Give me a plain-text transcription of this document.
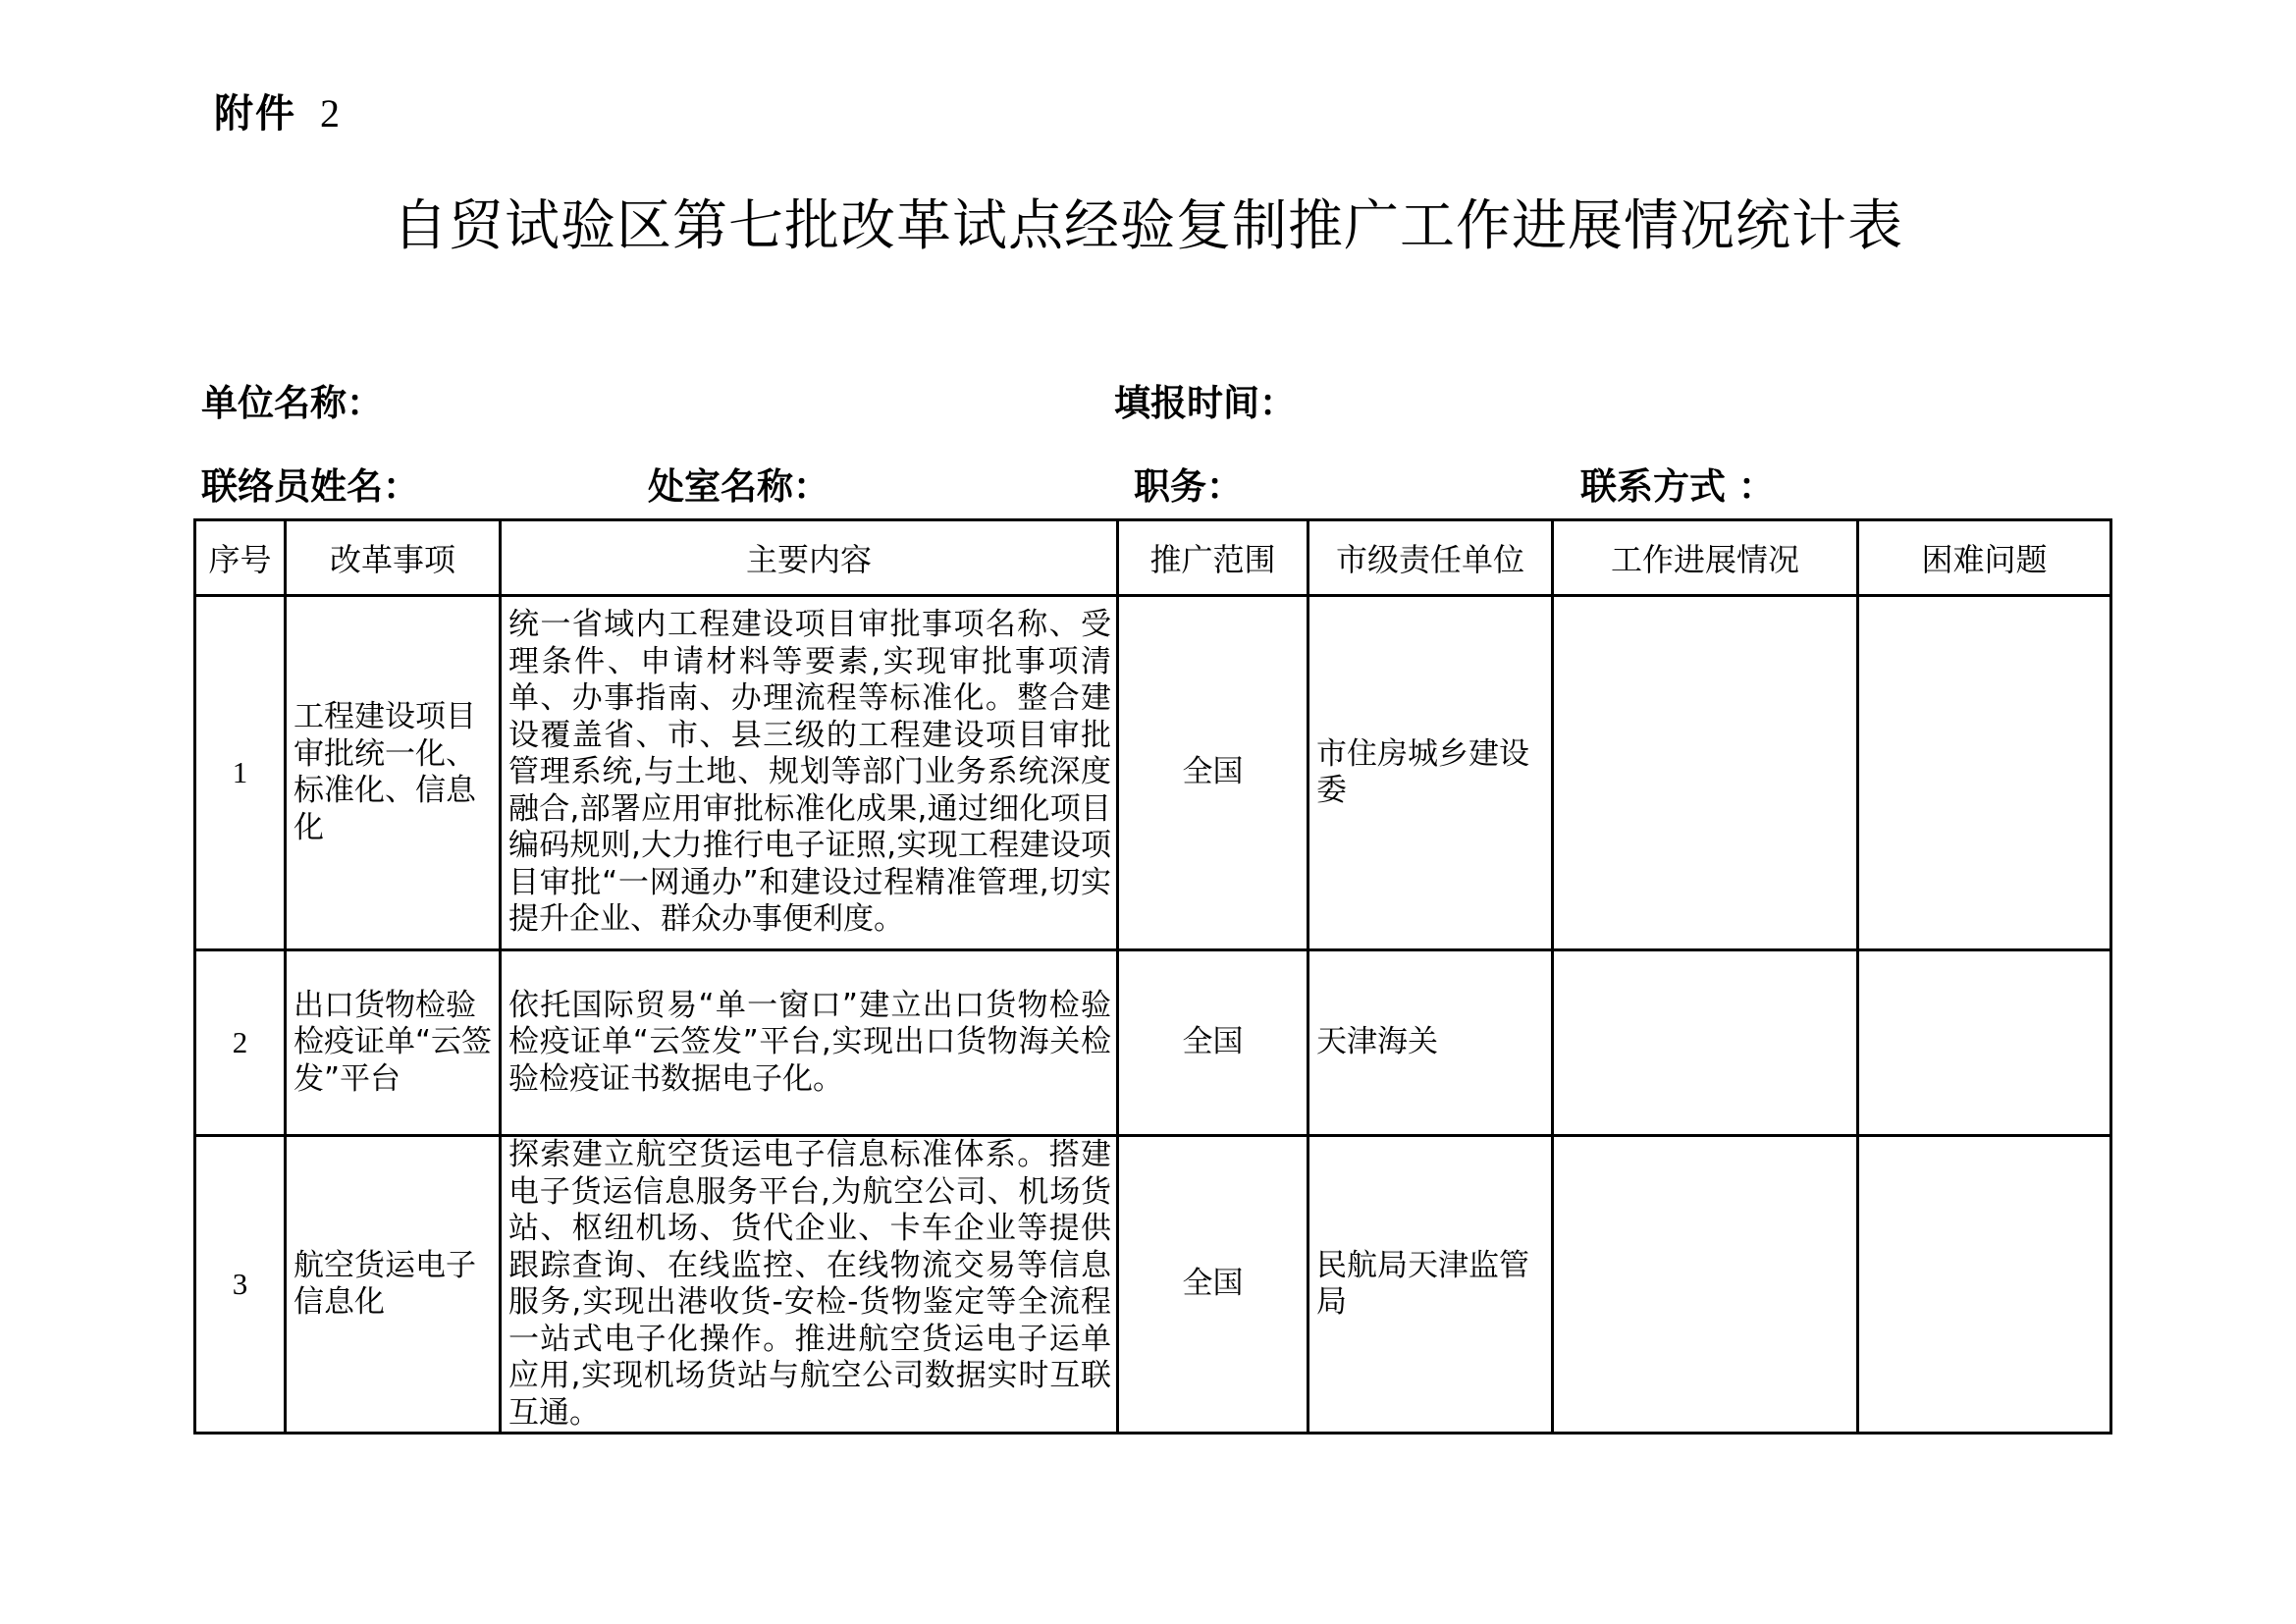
附件 2
自贸试验区第七批改革试点经验复制推广工作进展情况统计表
单位名称：	填报时间：
联络员姓名：	处室名称：	职务：	联系方式 ：
序号	改革事项	主要内容	推广范围	市级责任单位	工作进展情况	困难问题
1	工程建设项目审批统一化、标准化、信息化	统一省域内工程建设项目审批事项名称、受理条件、申请材料等要素,实现审批事项清单、办事指南、办理流程等标准化。整合建设覆盖省、市、县三级的工程建设项目审批管理系统,与土地、规划等部门业务系统深度融合,部署应用审批标准化成果,通过细化项目编码规则,大力推行电子证照,实现工程建设项目审批“一网通办”和建设过程精准管理,切实提升企业、群众办事便利度。	全国	市住房城乡建设委		
2	出口货物检验检疫证单“云签发”平台	依托国际贸易“单一窗口”建立出口货物检验检疫证单“云签发”平台,实现出口货物海关检验检疫证书数据电子化。	全国	天津海关		
3	航空货运电子信息化	探索建立航空货运电子信息标准体系。搭建电子货运信息服务平台,为航空公司、机场货站、枢纽机场、货代企业、卡车企业等提供跟踪查询、在线监控、在线物流交易等信息服务,实现出港收货-安检-货物鉴定等全流程一站式电子化操作。推进航空货运电子运单应用,实现机场货站与航空公司数据实时互联互通。	全国	民航局天津监管局		
